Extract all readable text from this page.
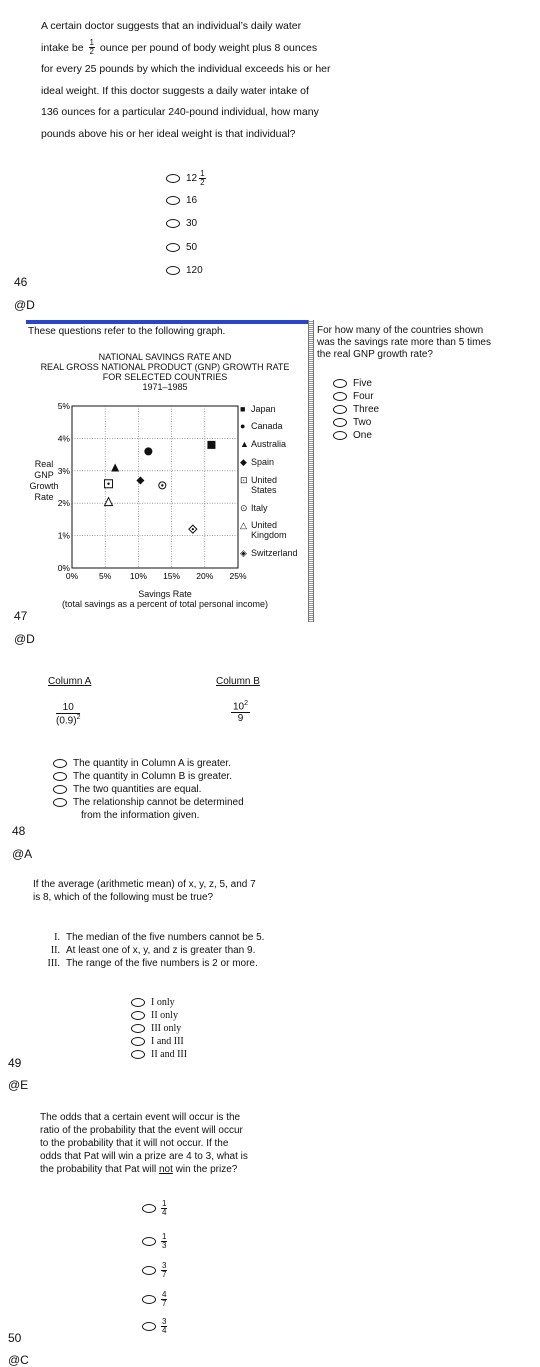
A certain doctor suggests that an individual’s daily water

intake be $\frac{1}{2}$ ounce per pound of body weight plus 8 ounces

for every 25 pounds by which the individual exceeds his or her

ideal weight. If this doctor suggests a daily water intake of

136 ounces for a particular 240-pound individual, how many

pounds above his or her ideal weight is that individual?

$12 \frac{1}{2}$
16
30
50
120
46
@D
These questions refer to the following graph.
NATIONAL SAVINGS RATE AND
REAL GROSS NATIONAL PRODUCT (GNP) GROWTH RATE
FOR SELECTED COUNTRIES
1971–1985
Real
GNP
Growth
Rate
0% 5% 10% 15% 20% 25%
0%
1%
2%
3%
4%
5%	■ Japan
● Canada
▲ Australia
◆ Spain
⊡ United
States
⊙ Italy
△ United
Kingdom
◈ Switzerland
Savings Rate
(total savings as a percent of total personal income)
47
@D
For how many of the countries shown
was the savings rate more than 5 times
the real GNP growth rate?
Five
Four
Three
Two
One
Column A	Column B
$\frac{10}{(0.9)^2}$	$\frac{10^2}{9}$
The quantity in Column A is greater.
The quantity in Column B is greater.
The two quantities are equal.
The relationship cannot be determined
from the information given.
48
@A
If the average (arithmetic mean) of x, y, z, 5, and 7
is 8, which of the following must be true?
I. The median of the five numbers cannot be 5.
II. At least one of x, y, and z is greater than 9.
III. The range of the five numbers is 2 or more.
I only
II only
III only
I and III
II and III
49
@E
The odds that a certain event will occur is the
ratio of the probability that the event will occur
to the probability that it will not occur. If the
odds that Pat will win a prize are 4 to 3, what is
the probability that Pat will not win the prize?
$\frac{1}{4}$
$\frac{1}{3}$
$\frac{3}{7}$
$\frac{4}{7}$
$\frac{3}{4}$
50
@C
